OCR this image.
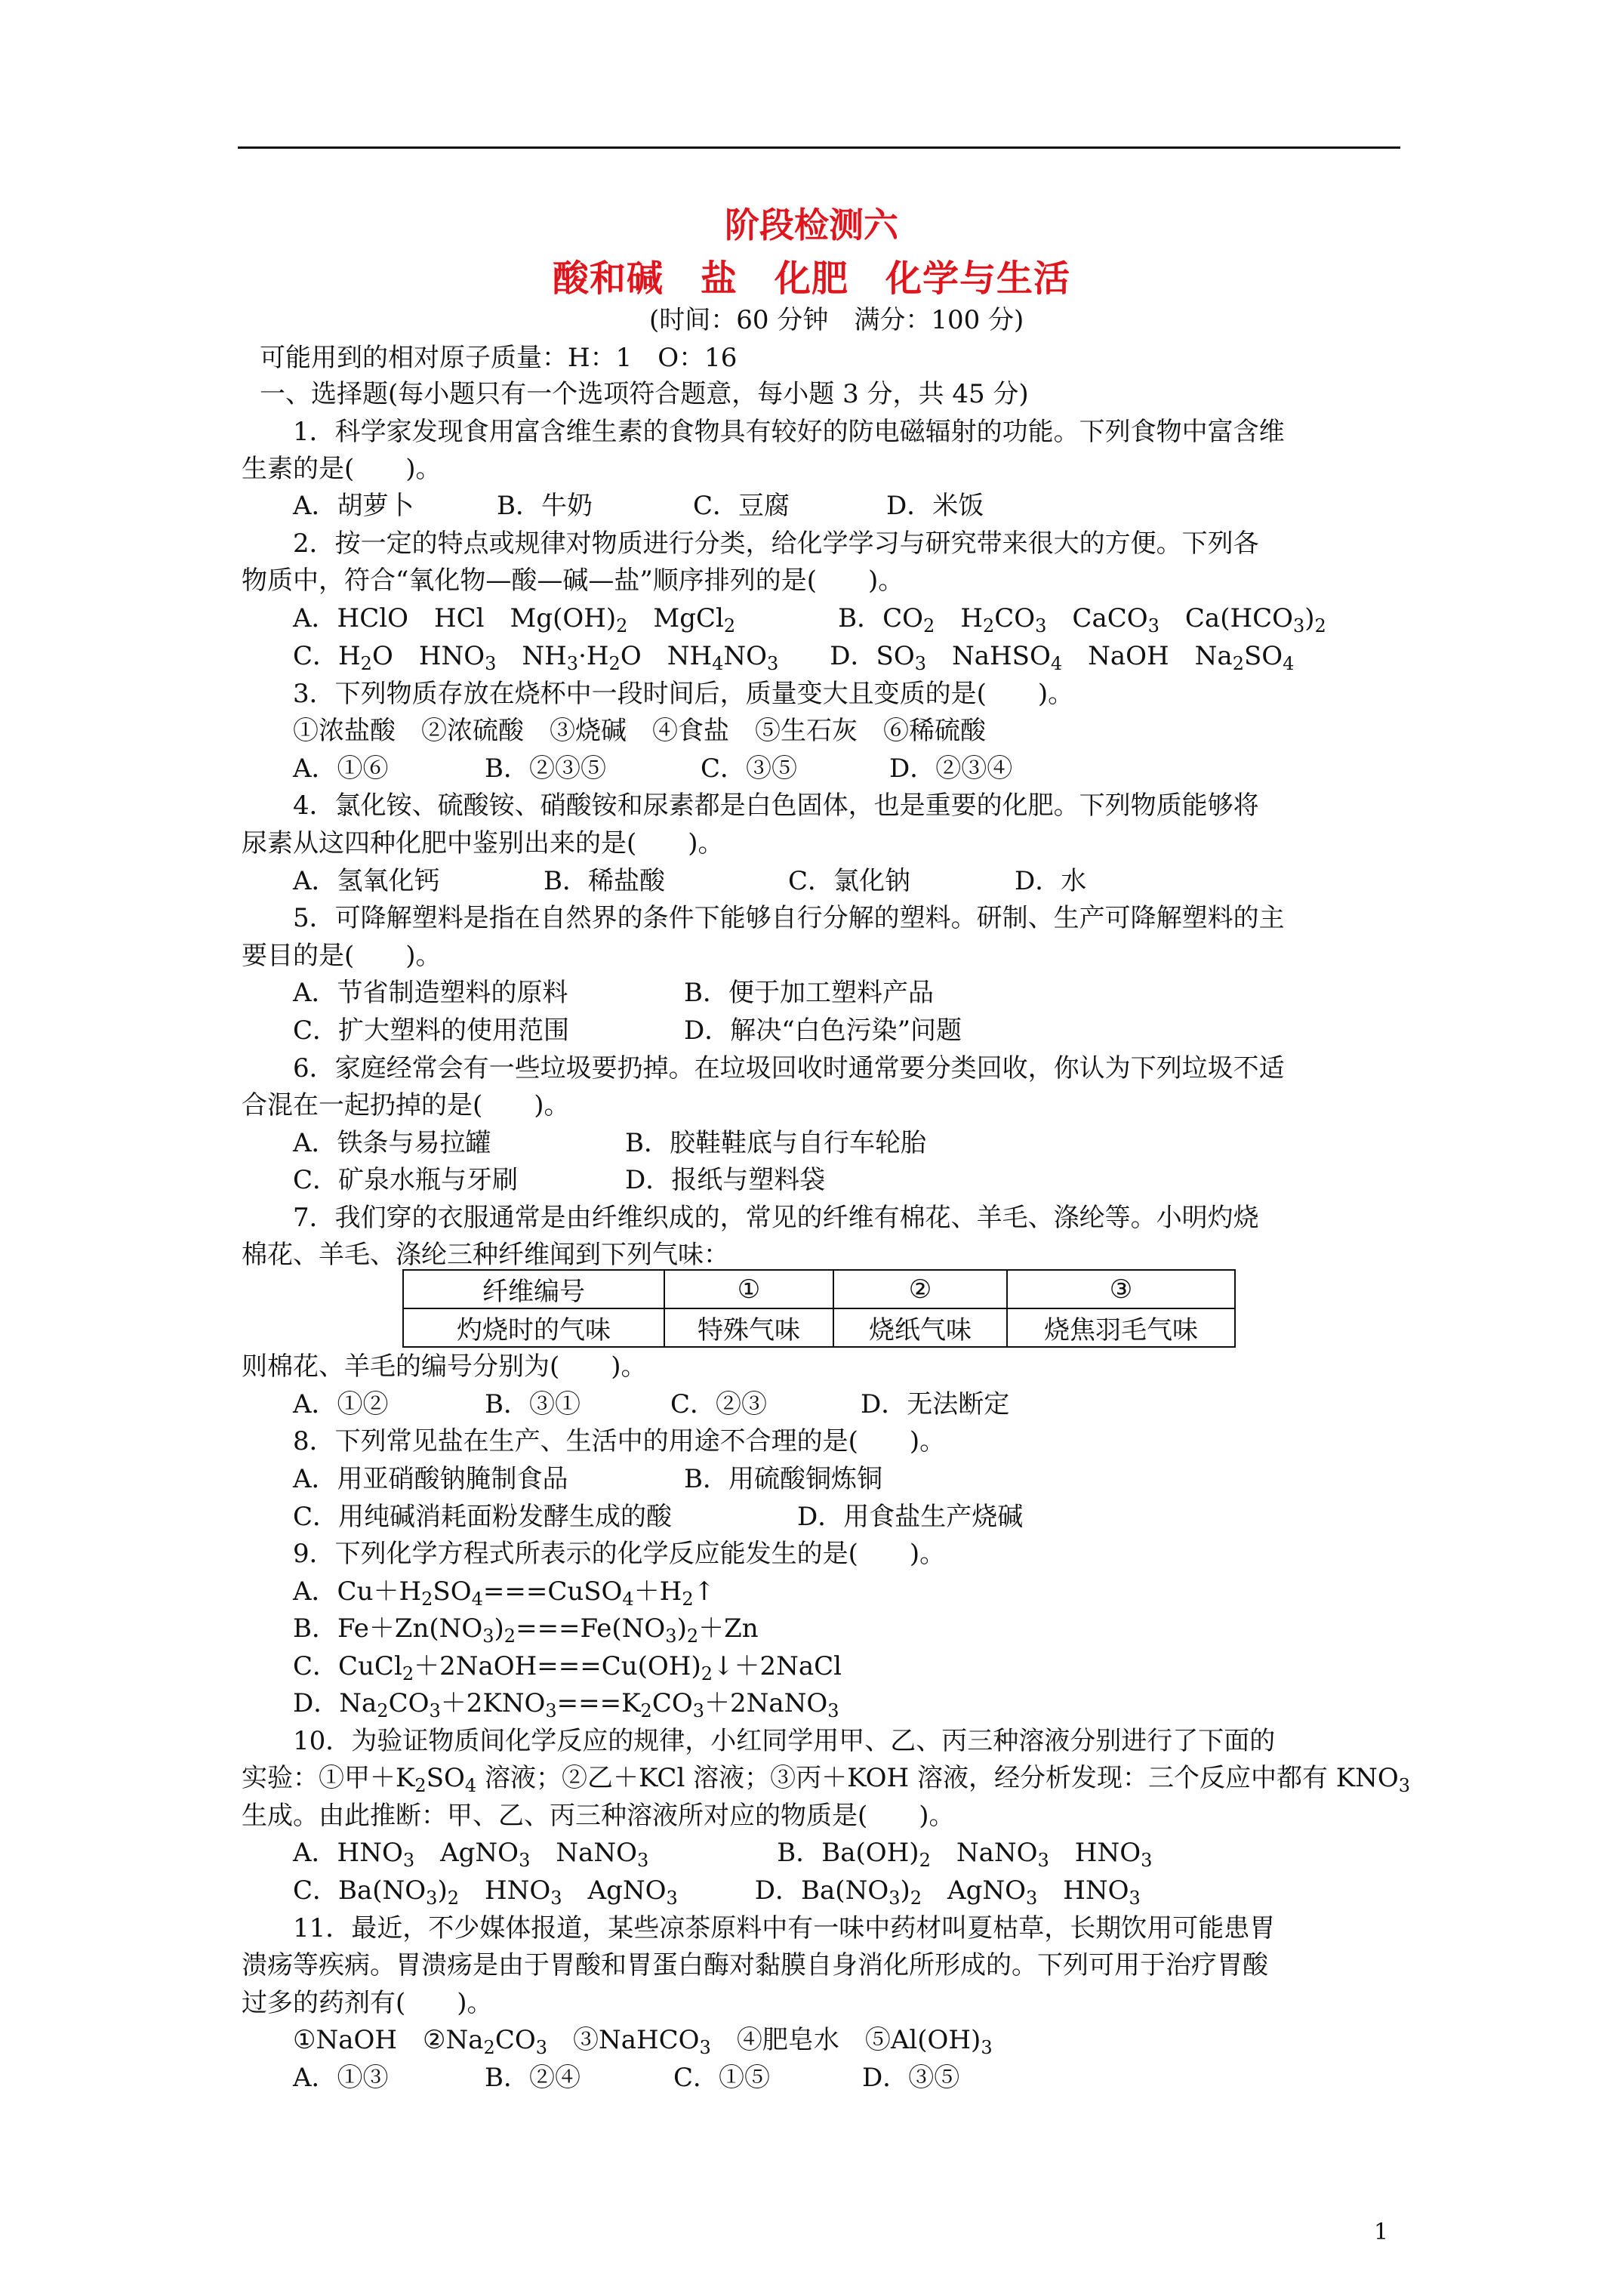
阶段检测六
酸和碱　盐　化肥　化学与生活
(时间：60 分钟　满分：100 分)
可能用到的相对原子质量：H：1　O：16
一、选择题(每小题只有一个选项符合题意，每小题 3 分，共 45 分)
1．科学家发现食用富含维生素的食物具有较好的防电磁辐射的功能。下列食物中富含维
生素的是(　　)。
A．胡萝卜	B．牛奶	C．豆腐	D．米饭
2．按一定的特点或规律对物质进行分类，给化学学习与研究带来很大的方便。下列各
物质中，符合“氧化物—酸—碱—盐”顺序排列的是(　　)。
A．HClO　HCl　$Mg(OH)_2$　MgCl$_2$　　　　B．$CO_2$　$H_2CO_3$　CaCO$_3$　$Ca(HCO_3)_2$
C．$H_2O$　$HNO_3$　$NH_3\cdot H_2O$　$NH_4NO_3$　　D．$SO_3$　NaHSO$_4$　NaOH　$Na_2SO_4$
3．下列物质存放在烧杯中一段时间后，质量变大且变质的是(　　)。
①浓盐酸　②浓硫酸　③烧碱　④食盐　⑤生石灰　⑥稀硫酸
A．①⑥	B．②③⑤	C．③⑤	D．②③④
4．氯化铵、硫酸铵、硝酸铵和尿素都是白色固体，也是重要的化肥。下列物质能够将
尿素从这四种化肥中鉴别出来的是(　　)。
A．氢氧化钙	B．稀盐酸	C．氯化钠	D．水
5．可降解塑料是指在自然界的条件下能够自行分解的塑料。研制、生产可降解塑料的主
要目的是(　　)。
A．节省制造塑料的原料	B．便于加工塑料产品
C．扩大塑料的使用范围	D．解决“白色污染”问题
6．家庭经常会有一些垃圾要扔掉。在垃圾回收时通常要分类回收，你认为下列垃圾不适
合混在一起扔掉的是(　　)。
A．铁条与易拉罐	B．胶鞋鞋底与自行车轮胎
C．矿泉水瓶与牙刷	D．报纸与塑料袋
7．我们穿的衣服通常是由纤维织成的，常见的纤维有棉花、羊毛、涤纶等。小明灼烧
棉花、羊毛、涤纶三种纤维闻到下列气味：
纤维编号	①	②	③
灼烧时的气味	特殊气味	烧纸气味	烧焦羽毛气味
则棉花、羊毛的编号分别为(　　)。
A．①②	B．③①	C．②③	D．无法断定
8．下列常见盐在生产、生活中的用途不合理的是(　　)。
A．用亚硝酸钠腌制食品	B．用硫酸铜炼铜
C．用纯碱消耗面粉发酵生成的酸	D．用食盐生产烧碱
9．下列化学方程式所表示的化学反应能发生的是(　　)。
A．$Cu+H_2SO_4===CuSO_4+H_2↑$
B．$Fe+Zn(NO_3)_2===Fe(NO_3)_2+Zn$
C．$CuCl_2+2NaOH===Cu(OH)_2↓+2NaCl$
D．$Na_2CO_3+2KNO_3===K_2CO_3+2NaNO_3$
10．为验证物质间化学反应的规律，小红同学用甲、乙、丙三种溶液分别进行了下面的
实验：①甲$+K_2SO_4$ 溶液；②乙＋KCl 溶液；③丙＋KOH 溶液，经分析发现：三个反应中都有 $KNO_3$
生成。由此推断：甲、乙、丙三种溶液所对应的物质是(　　)。
A．$HNO_3$　AgNO$_3$　NaNO$_3$　　　　　B．$Ba(OH)_2$　NaNO$_3$　$HNO_3$
C．$Ba(NO_3)_2$　$HNO_3$　AgNO$_3$　　　D．$Ba(NO_3)_2$　AgNO$_3$　$HNO_3$
11．最近，不少媒体报道，某些凉茶原料中有一味中药材叫夏枯草，长期饮用可能患胃
溃疡等疾病。胃溃疡是由于胃酸和胃蛋白酶对黏膜自身消化所形成的。下列可用于治疗胃酸
过多的药剂有(　　)。
①NaOH　$②Na_2CO_3$　③NaHCO$_3$　④肥皂水　$⑤Al(OH)_3$
A．①③	B．②④	C．①⑤	D．③⑤
1
